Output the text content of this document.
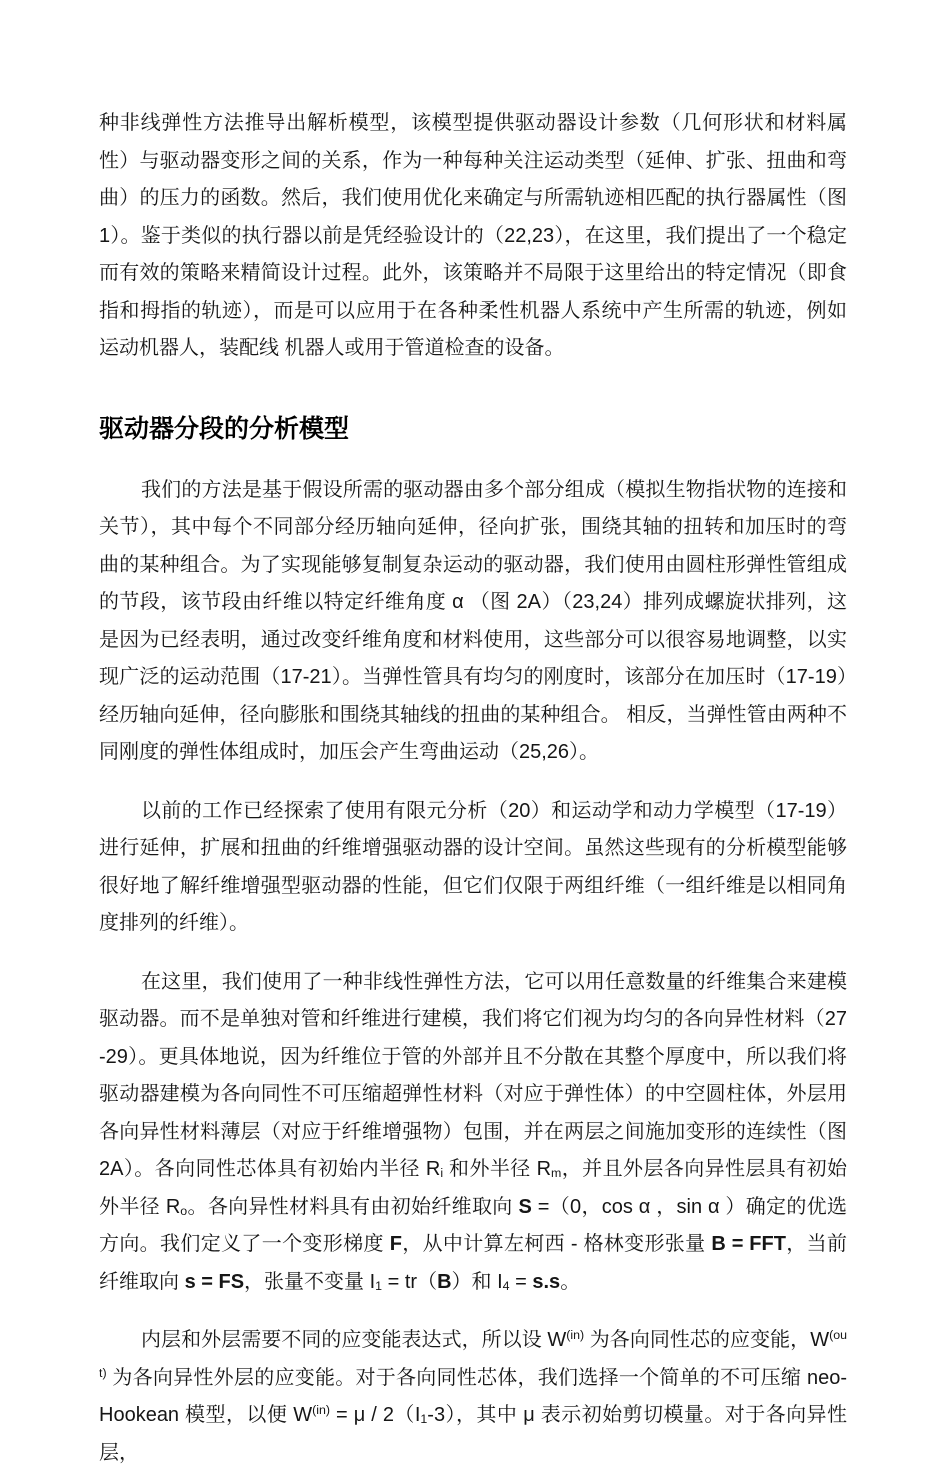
种非线弹性方法推导出解析模型，该模型提供驱动器设计参数（几何形状和材料属性）与驱动器变形之间的关系，作为一种每种关注运动类型（延伸、扩张、扭曲和弯曲）的压力的函数。然后，我们使用优化来确定与所需轨迹相匹配的执行器属性（图 1）。鉴于类似的执行器以前是凭经验设计的（22,23），在这里，我们提出了一个稳定而有效的策略来精简设计过程。此外，该策略并不局限于这里给出的特定情况（即食指和拇指的轨迹），而是可以应用于在各种柔性机器人系统中产生所需的轨迹，例如运动机器人，装配线 机器人或用于管道检查的设备。

驱动器分段的分析模型

我们的方法是基于假设所需的驱动器由多个部分组成（模拟生物指状物的连接和关节），其中每个不同部分经历轴向延伸，径向扩张，围绕其轴的扭转和加压时的弯曲的某种组合。为了实现能够复制复杂运动的驱动器，我们使用由圆柱形弹性管组成的节段，该节段由纤维以特定纤维角度 α （图 2A）（23,24）排列成螺旋状排列，这是因为已经表明，通过改变纤维角度和材料使用，这些部分可以很容易地调整，以实现广泛的运动范围（17-21）。当弹性管具有均匀的刚度时，该部分在加压时（17-19）经历轴向延伸，径向膨胀和围绕其轴线的扭曲的某种组合。 相反，当弹性管由两种不同刚度的弹性体组成时，加压会产生弯曲运动（25,26）。

以前的工作已经探索了使用有限元分析（20）和运动学和动力学模型（17-19）进行延伸，扩展和扭曲的纤维增强驱动器的设计空间。虽然这些现有的分析模型能够很好地了解纤维增强型驱动器的性能，但它们仅限于两组纤维（一组纤维是以相同角度排列的纤维）。

在这里，我们使用了一种非线性弹性方法，它可以用任意数量的纤维集合来建模驱动器。而不是单独对管和纤维进行建模，我们将它们视为均匀的各向异性材料（27-29）。更具体地说，因为纤维位于管的外部并且不分散在其整个厚度中，所以我们将驱动器建模为各向同性不可压缩超弹性材料（对应于弹性体）的中空圆柱体，外层用各向异性材料薄层（对应于纤维增强物）包围，并在两层之间施加变形的连续性（图 2A）。各向同性芯体具有初始内半径 $R_i$ 和外半径 $R_m$，并且外层各向异性层具有初始外半径 $R_o$。各向异性材料具有由初始纤维取向 S =（0，cos α ，sin α ）确定的优选方向。我们定义了一个变形梯度 F，从中计算左柯西 - 格林变形张量 B = FFT，当前纤维取向 s = FS，张量不变量 $I_1 = tr(B)$和 $I_4 = s.s$。

内层和外层需要不同的应变能表达式，所以设 $W^{(in)}$ 为各向同性芯的应变能，$W^{(out)}$ 为各向异性外层的应变能。对于各向同性芯体，我们选择一个简单的不可压缩 neo-Hookean 模型，以便 $W^{(in)} = \mu / 2(I_1-3)$，其中 μ 表示初始剪切模量。对于各向异性层，
